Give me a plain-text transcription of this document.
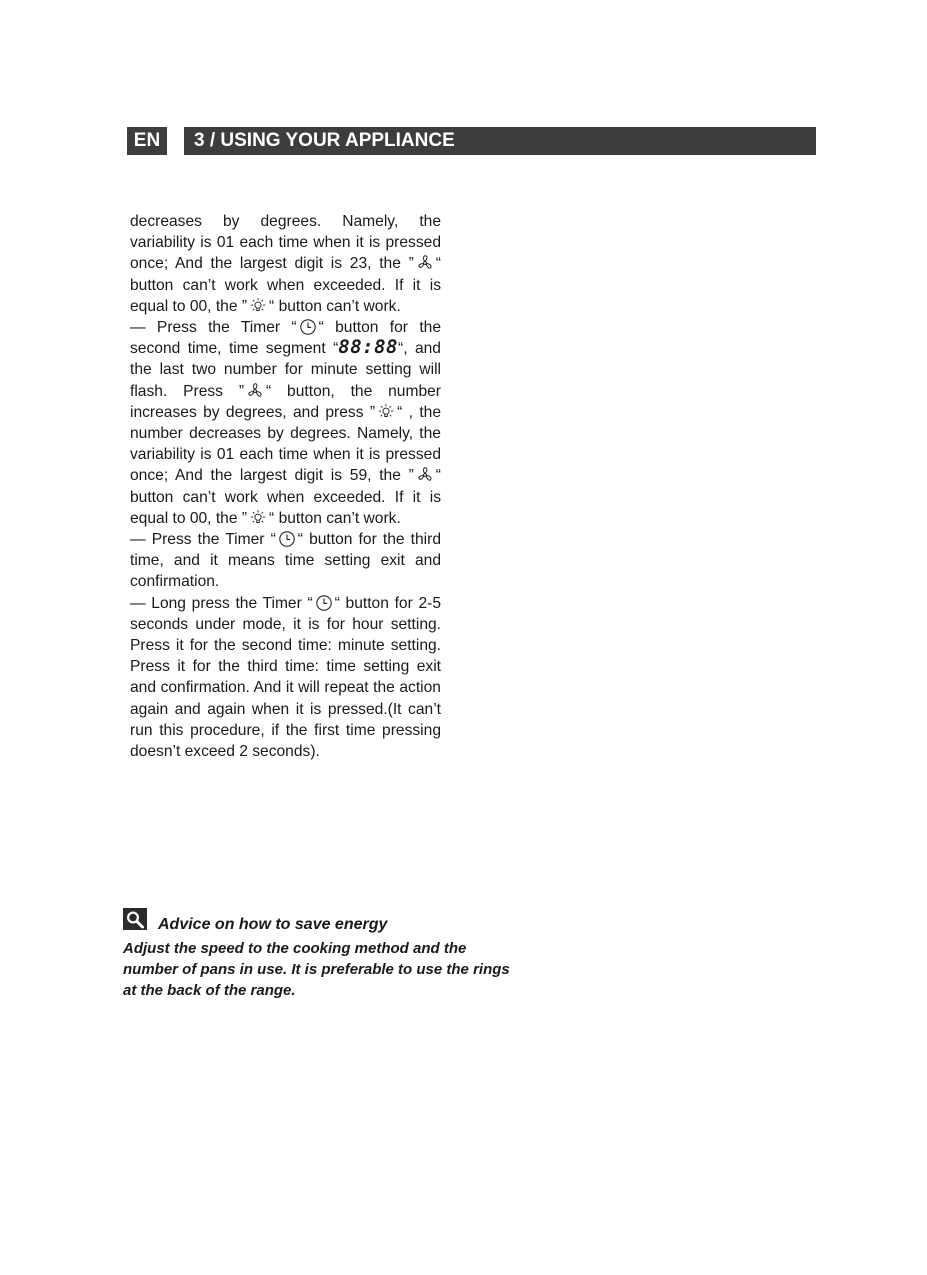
EN	3 / USING YOUR APPLIANCE

decreases by degrees. Namely, the variability is 01 each time when it is pressed once; And the largest digit is 23, the ” “ button can’t work when exceeded. If it is equal to 00, the ” “ button can’t work.

— Press the Timer “ “ button for the second time, time segment “88:88“, and the last two number for minute setting will flash. Press ” “ button, the number increases by degrees, and press ” “ , the number decreases by degrees. Namely, the variability is 01 each time when it is pressed once; And the largest digit is 59, the ” “ button can’t work when exceeded. If it is equal to 00, the ” “ button can’t work.

— Press the Timer “ “ button for the third time, and it means time setting exit and confirmation.

— Long press the Timer “ “ button for 2-5 seconds under mode, it is for hour setting. Press it for the second time: minute setting. Press it for the third time: time setting exit and confirmation. And it will repeat the action again and again when it is pressed.(It can’t run this procedure, if the first time pressing doesn’t exceed 2 seconds).

Advice on how to save energy

Adjust the speed to the cooking method and the number of pans in use. It is preferable to use the rings at the back of the range.
